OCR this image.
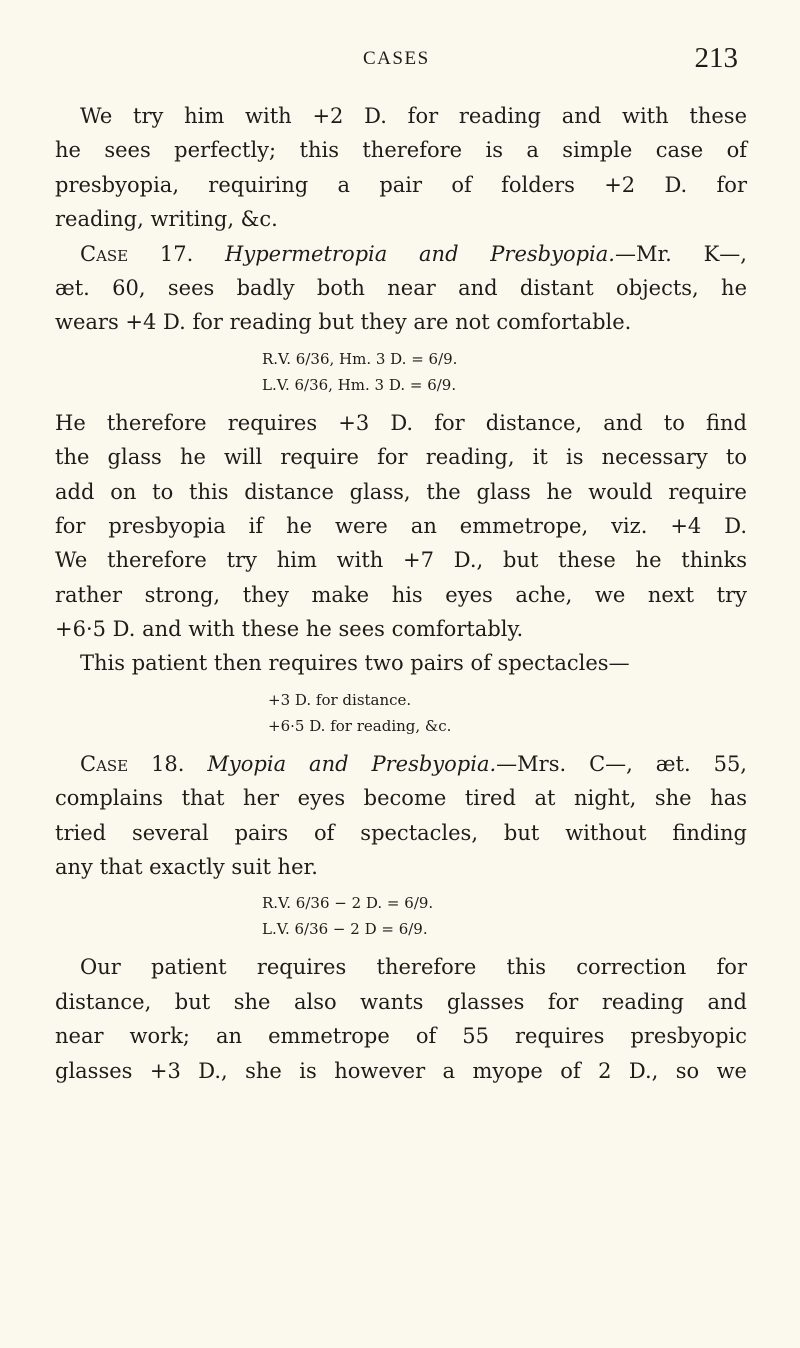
CASES	213
We try him with +2 D. for reading and with these
he sees perfectly; this therefore is a simple case of
presbyopia, requiring a pair of folders +2 D. for
reading, writing, &c.
Case 17. Hypermetropia and Presbyopia.—Mr. K—,
æt. 60, sees badly both near and distant objects, he
wears +4 D. for reading but they are not comfortable.
R.V. 6/36, Hm. 3 D. = 6/9.
L.V. 6/36, Hm. 3 D. = 6/9.
He therefore requires +3 D. for distance, and to find
the glass he will require for reading, it is necessary to
add on to this distance glass, the glass he would require
for presbyopia if he were an emmetrope, viz. +4 D.
We therefore try him with +7 D., but these he thinks
rather strong, they make his eyes ache, we next try
+6·5 D. and with these he sees comfortably.
This patient then requires two pairs of spectacles—
+3 D. for distance.
+6·5 D. for reading, &c.
Case 18. Myopia and Presbyopia.—Mrs. C—, æt. 55,
complains that her eyes become tired at night, she has
tried several pairs of spectacles, but without finding
any that exactly suit her.
R.V. 6/36 − 2 D. = 6/9.
L.V. 6/36 − 2 D = 6/9.
Our patient requires therefore this correction for
distance, but she also wants glasses for reading and
near work; an emmetrope of 55 requires presbyopic
glasses +3 D., she is however a myope of 2 D., so we
